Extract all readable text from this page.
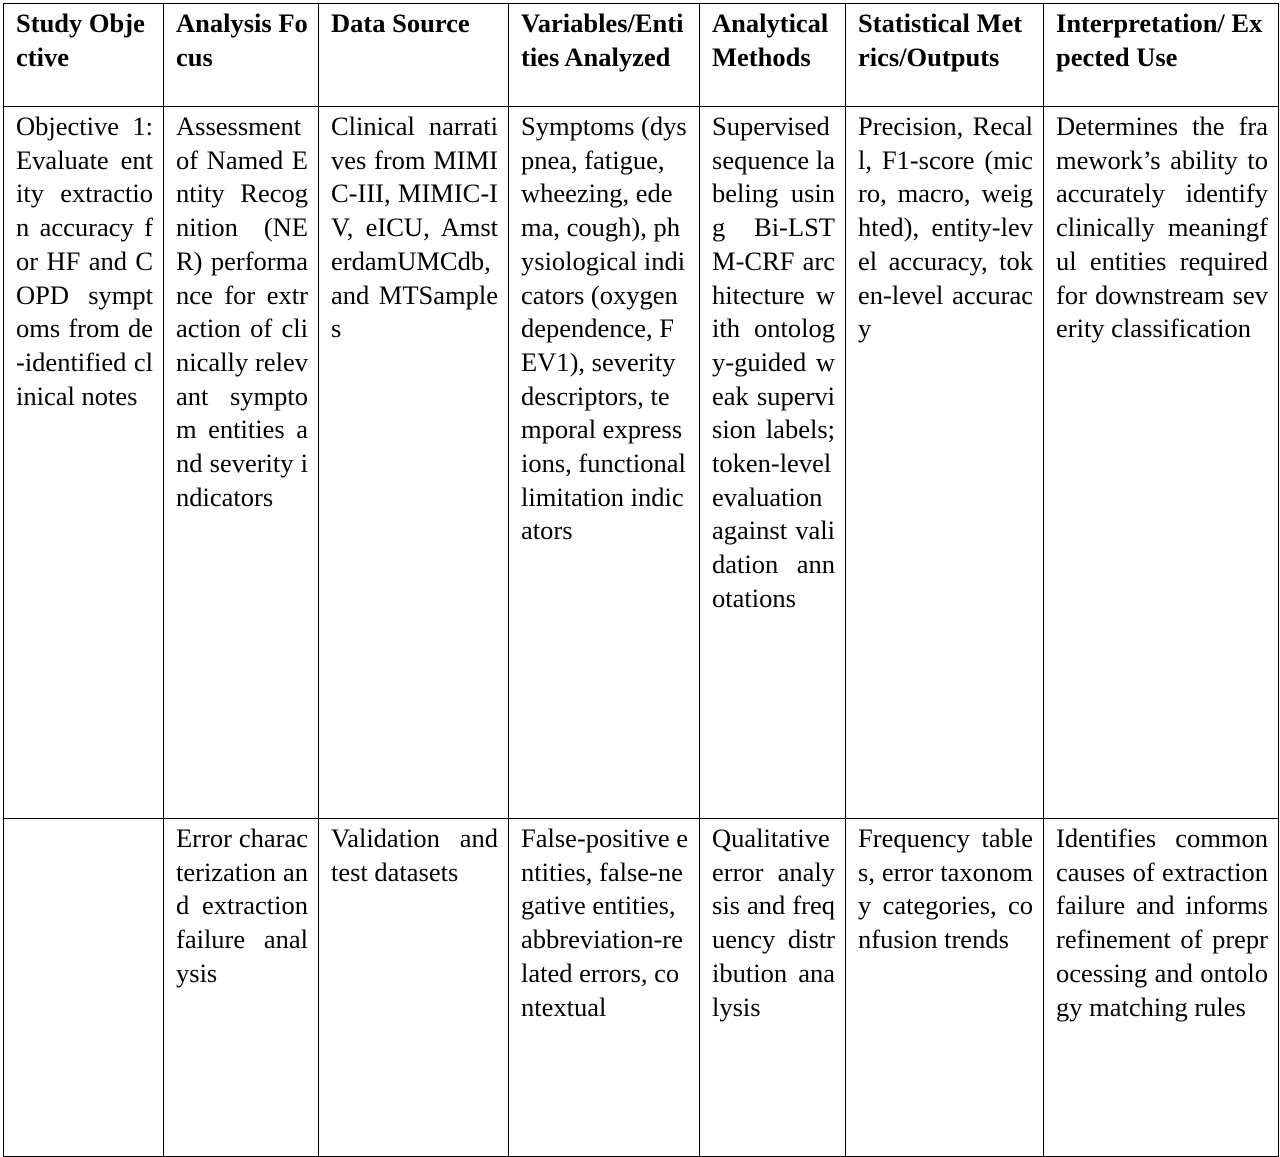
Study Objective	Analysis Focus	Data Source	Variables/Entities Analyzed	Analytical Methods	Statistical Metrics/Outputs	Interpretation/ Expected Use
Objective 1: Evaluate entity extraction accuracy for HF and COPD symptoms from de-identified clinical notes	Assessment of Named Entity Recognition (NER) performance for extraction of clinically relevant symptom entities and severity indicators	Clinical narratives from MIMIC-III, MIMIC-IV, eICU, AmsterdamUMCdb, and MTSamples	Symptoms (dyspnea, fatigue, wheezing, edema, cough), physiological indicators (oxygen dependence, FEV1), severity descriptors, temporal expressions, functional limitation indicators	Supervised sequence labeling using Bi-LSTM-CRF architecture with ontology-guided weak supervision labels; token-level evaluation against validation annotations	Precision, Recall, F1-score (micro, macro, weighted), entity-level accuracy, token-level accuracy	Determines the framework’s ability to accurately identify clinically meaningful entities required for downstream severity classification
	Error characterization and extraction failure analysis	Validation and test datasets	False-positive entities, false-negative entities, abbreviation-related errors, contextual	Qualitative error analysis and frequency distribution analysis	Frequency tables, error taxonomy categories, confusion trends	Identifies common causes of extraction failure and informs refinement of preprocessing and ontology matching rules
